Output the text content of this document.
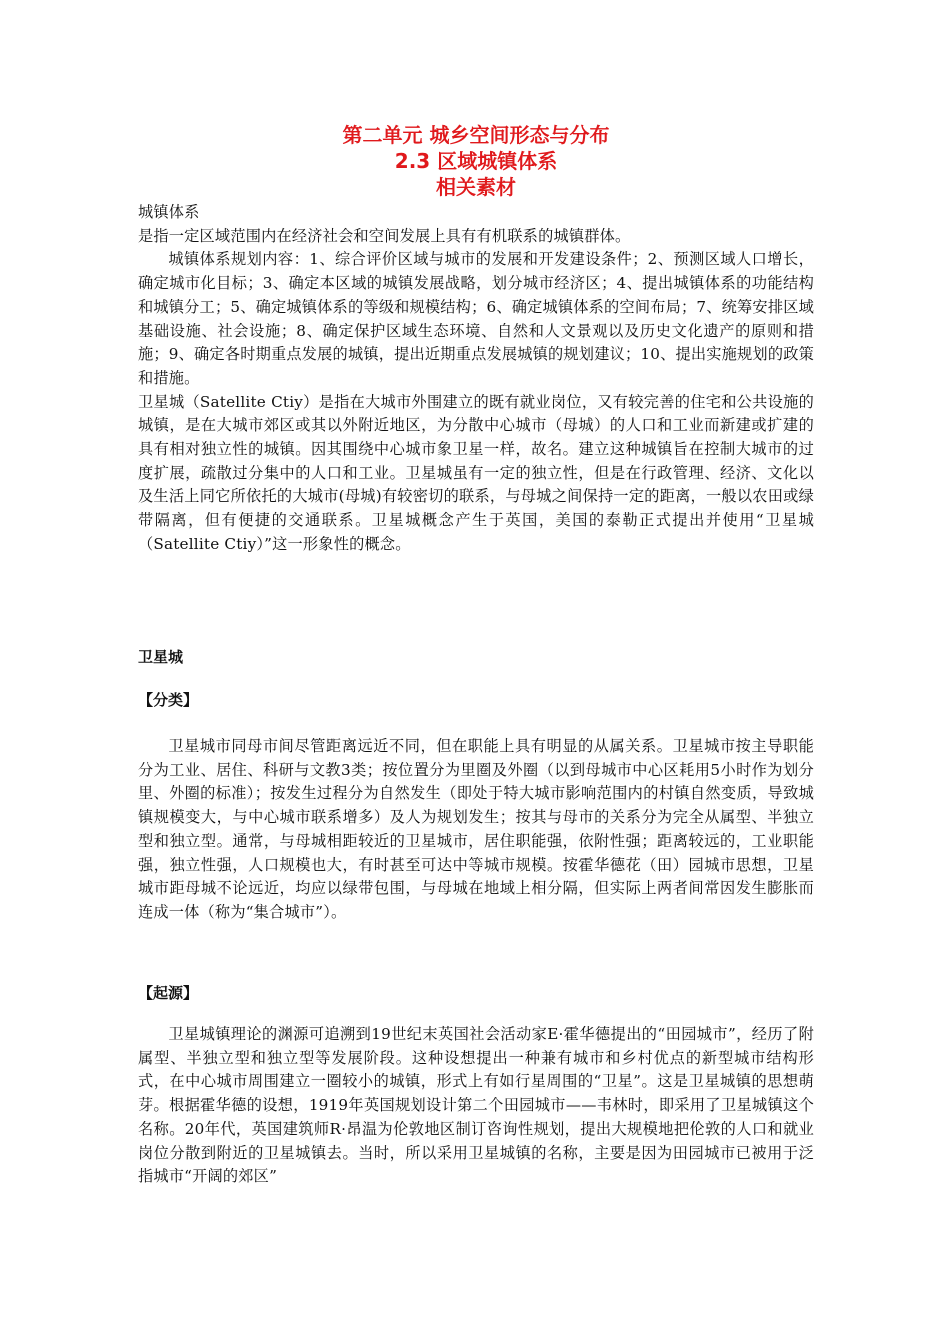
第二单元 城乡空间形态与分布
2.3 区域城镇体系
相关素材

城镇体系

是指一定区域范围内在经济社会和空间发展上具有有机联系的城镇群体。

城镇体系规划内容：1、综合评价区域与城市的发展和开发建设条件；2、预测区域人口增长，确定城市化目标；3、确定本区域的城镇发展战略，划分城市经济区；4、提出城镇体系的功能结构和城镇分工；5、确定城镇体系的等级和规模结构；6、确定城镇体系的空间布局；7、统筹安排区域基础设施、社会设施；8、确定保护区域生态环境、自然和人文景观以及历史文化遗产的原则和措施；9、确定各时期重点发展的城镇，提出近期重点发展城镇的规划建议；10、提出实施规划的政策和措施。

卫星城（Satellite Ctiy）是指在大城市外围建立的既有就业岗位，又有较完善的住宅和公共设施的城镇，是在大城市郊区或其以外附近地区，为分散中心城市（母城）的人口和工业而新建或扩建的具有相对独立性的城镇。因其围绕中心城市象卫星一样，故名。建立这种城镇旨在控制大城市的过度扩展，疏散过分集中的人口和工业。卫星城虽有一定的独立性，但是在行政管理、经济、文化以及生活上同它所依托的大城市(母城)有较密切的联系，与母城之间保持一定的距离，一般以农田或绿带隔离，但有便捷的交通联系。卫星城概念产生于英国，美国的泰勒正式提出并使用“卫星城（Satellite Ctiy）”这一形象性的概念。

卫星城
【分类】

卫星城市同母市间尽管距离远近不同，但在职能上具有明显的从属关系。卫星城市按主导职能分为工业、居住、科研与文教3类；按位置分为里圈及外圈（以到母城市中心区耗用5小时作为划分里、外圈的标准）；按发生过程分为自然发生（即处于特大城市影响范围内的村镇自然变质，导致城镇规模变大，与中心城市联系增多）及人为规划发生；按其与母市的关系分为完全从属型、半独立型和独立型。通常，与母城相距较近的卫星城市，居住职能强，依附性强；距离较远的，工业职能强，独立性强，人口规模也大，有时甚至可达中等城市规模。按霍华德花（田）园城市思想，卫星城市距母城不论远近，均应以绿带包围，与母城在地域上相分隔，但实际上两者间常因发生膨胀而连成一体（称为“集合城市”）。

【起源】

卫星城镇理论的渊源可追溯到19世纪末英国社会活动家E·霍华德提出的“田园城市”，经历了附属型、半独立型和独立型等发展阶段。这种设想提出一种兼有城市和乡村优点的新型城市结构形式，在中心城市周围建立一圈较小的城镇，形式上有如行星周围的“卫星”。这是卫星城镇的思想萌芽。根据霍华德的设想，1919年英国规划设计第二个田园城市——韦林时，即采用了卫星城镇这个名称。20年代，英国建筑师R·昂温为伦敦地区制订咨询性规划，提出大规模地把伦敦的人口和就业岗位分散到附近的卫星城镇去。当时，所以采用卫星城镇的名称，主要是因为田园城市已被用于泛指城市“开阔的郊区”
